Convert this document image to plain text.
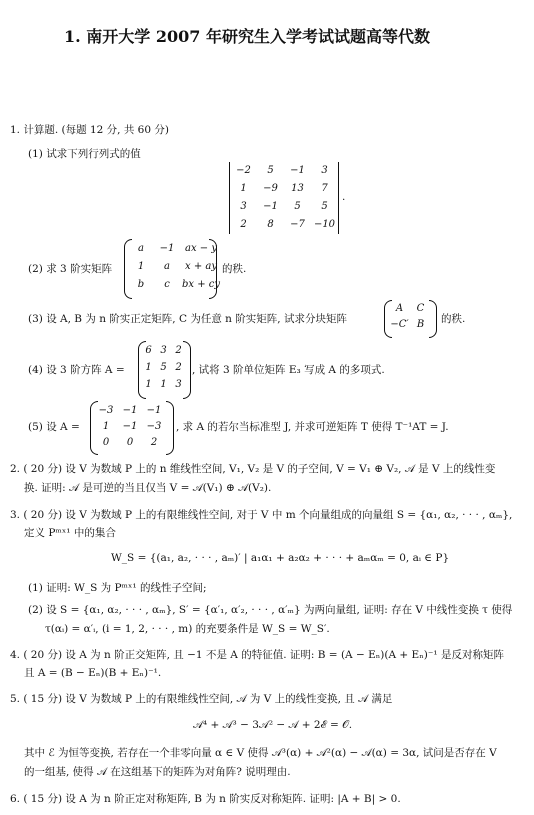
1. 南开大学 2007 年研究生入学考试试题高等代数
1. 计算题. (每题 12 分, 共 60 分)
(1) 试求下列行列式的值
−2	5	−1	3
1	−9	13	7
3	−1	5	5
2	8	−7 −10
.
(2) 求 3 阶实矩阵
a	−1	ax − y
1	a	x + ay
b	c	bx + cy
的秩.
(3) 设 A, B 为 n 阶实正定矩阵, C 为任意 n 阶实矩阵, 试求分块矩阵
A	C
−C′ B	的秩.
(4) 设 3 阶方阵 A =
6 3 2
1 5 2
1 1 3
, 试将 3 阶单位矩阵 E₃ 写成 A 的多项式.
(5) 设 A =
−3 −1 −1
1	−1 −3
0	0	2
, 求 A 的若尔当标准型 J, 并求可逆矩阵 T 使得 T⁻¹AT = J.
2. ( 20 分) 设 V 为数域 P 上的 n 维线性空间, V₁, V₂ 是 V 的子空间, V = V₁ ⊕ V₂, 𝒜 是 V 上的线性变
换. 证明: 𝒜 是可逆的当且仅当 V = 𝒜(V₁) ⊕ 𝒜(V₂).
3. ( 20 分) 设 V 为数域 P 上的有限维线性空间, 对于 V 中 m 个向量组成的向量组 S = {α₁, α₂, · · · , αₘ},
定义 Pᵐˣ¹ 中的集合
W_S = {(a₁, a₂, · · · , aₘ)′ | a₁α₁ + a₂α₂ + · · · + aₘαₘ = 0, aᵢ ∈ P}
(1) 证明: W_S 为 Pᵐˣ¹ 的线性子空间;
(2) 设 S = {α₁, α₂, · · · , αₘ}, S′ = {α′₁, α′₂, · · · , α′ₘ} 为两向量组, 证明: 存在 V 中线性变换 τ 使得
τ(αᵢ) = α′ᵢ, (i = 1, 2, · · · , m) 的充要条件是 W_S = W_S′.
4. ( 20 分) 设 A 为 n 阶正交矩阵, 且 −1 不是 A 的特征值. 证明: B = (A − Eₙ)(A + Eₙ)⁻¹ 是反对称矩阵
且 A = (B − Eₙ)(B + Eₙ)⁻¹.
5. ( 15 分) 设 V 为数域 P 上的有限维线性空间, 𝒜 为 V 上的线性变换, 且 𝒜 满足
𝒜⁴ + 𝒜³ − 3𝒜² − 𝒜 + 2ℰ = 𝒪.
其中 ℰ 为恒等变换, 若存在一个非零向量 α ∈ V 使得 𝒜³(α) + 𝒜²(α) − 𝒜(α) = 3α, 试问是否存在 V
的一组基, 使得 𝒜 在这组基下的矩阵为对角阵? 说明理由.
6. ( 15 分) 设 A 为 n 阶正定对称矩阵, B 为 n 阶实反对称矩阵. 证明: |A + B| > 0.
